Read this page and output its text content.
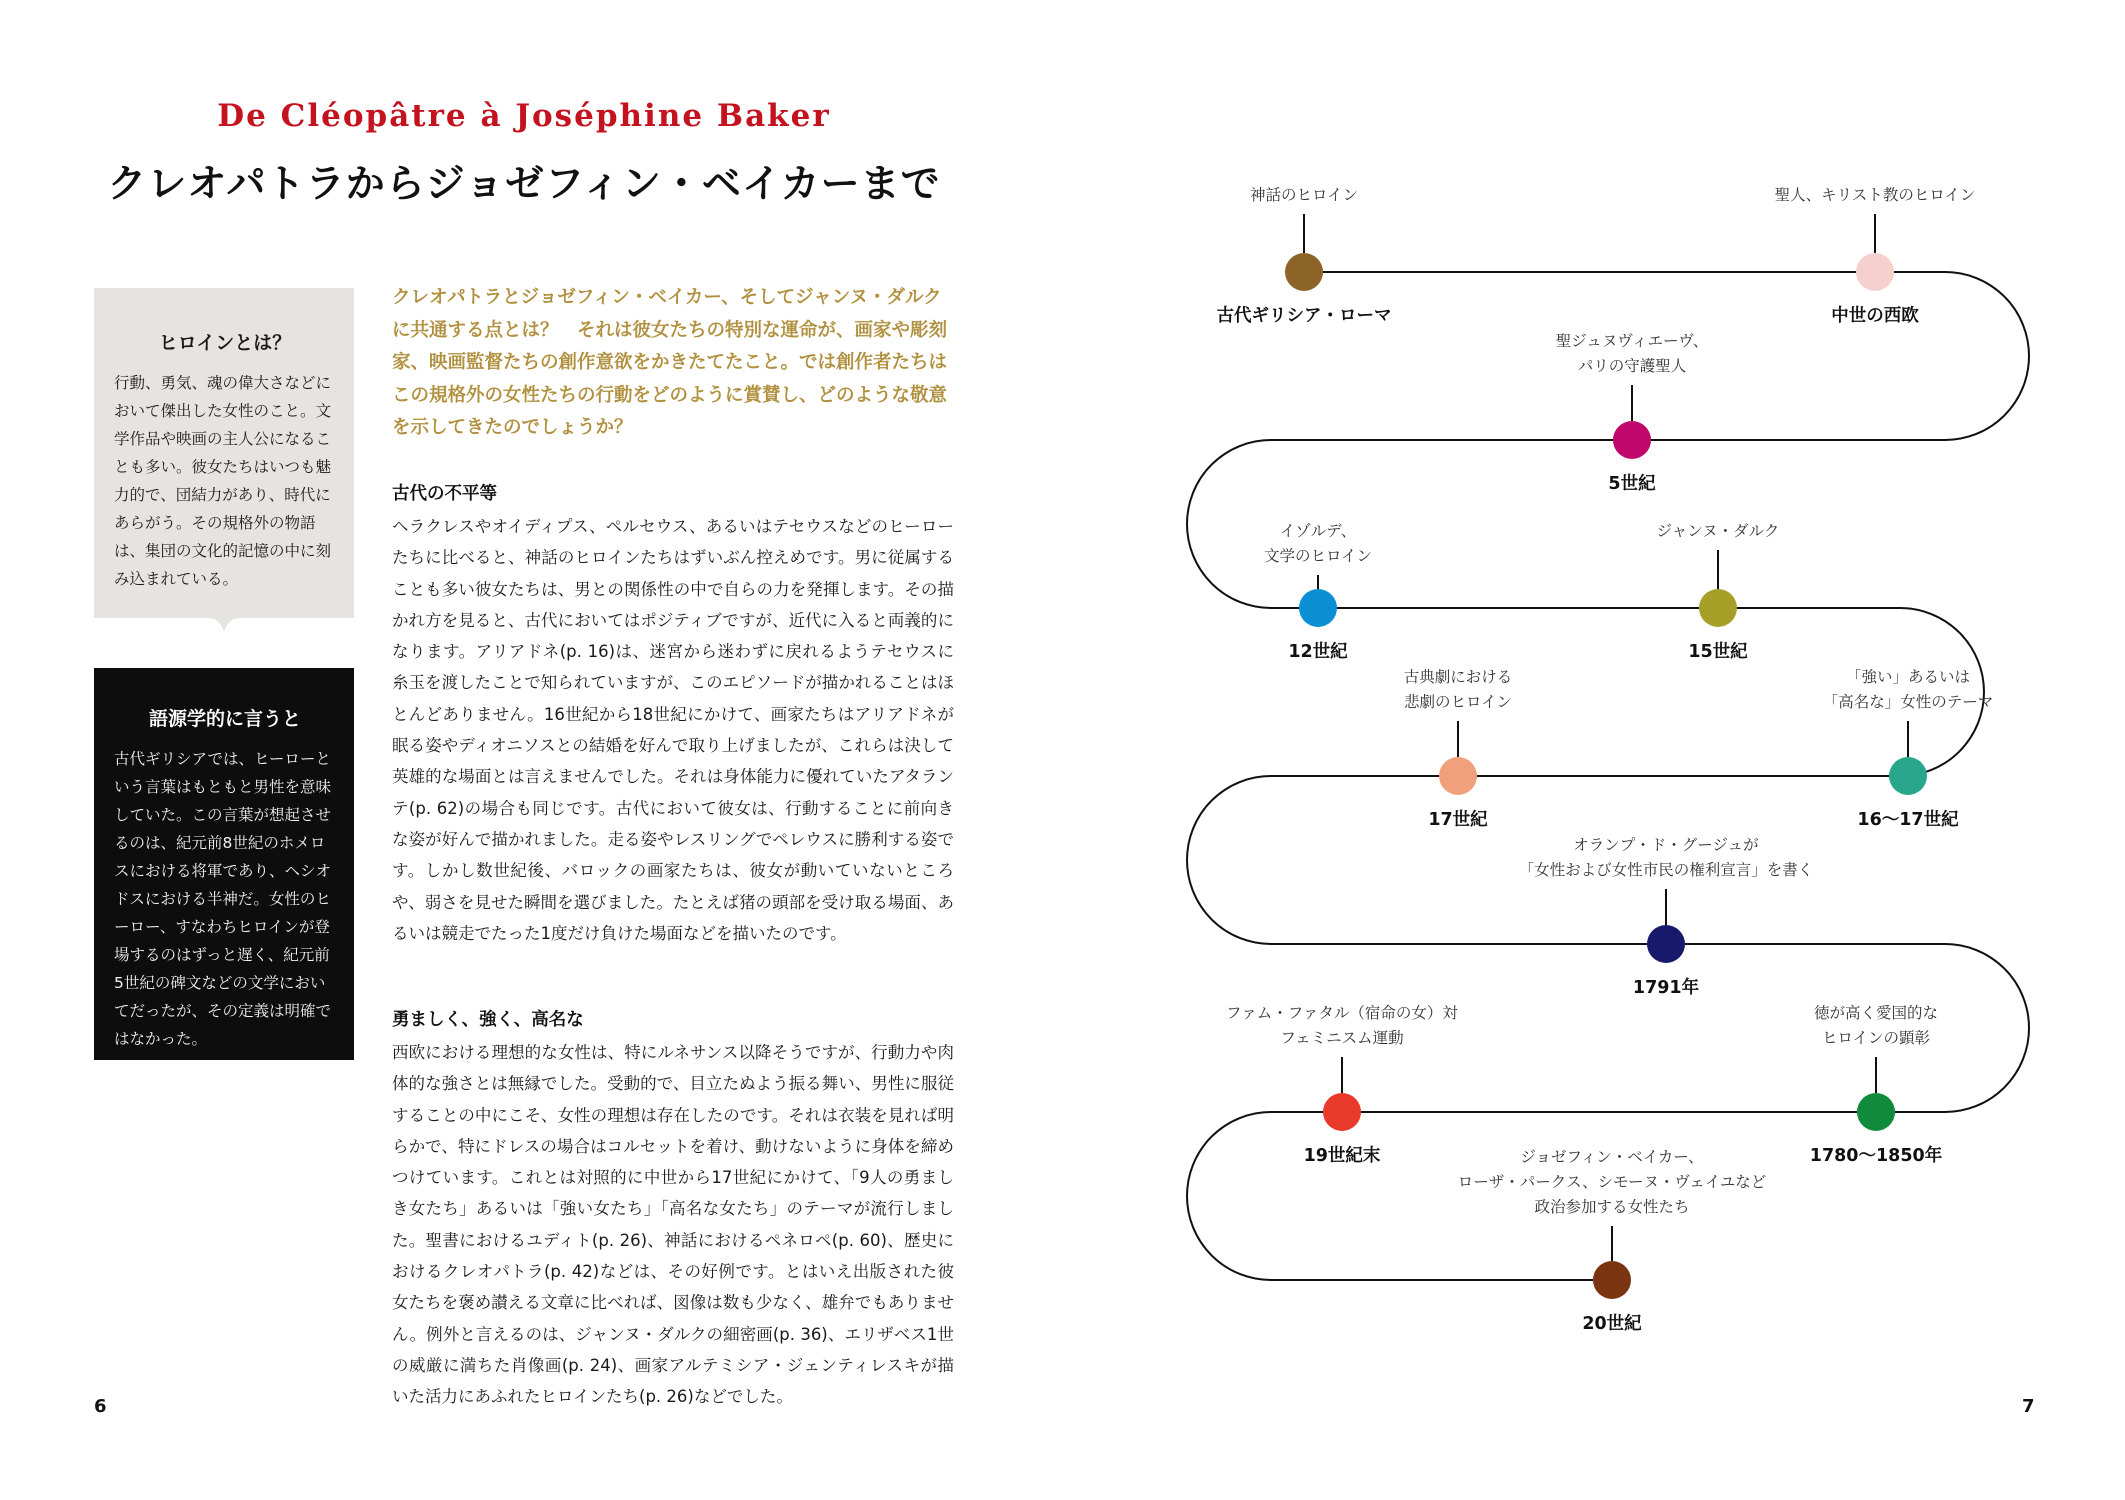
De Cléopâtre à Joséphine Baker
クレオパトラからジョゼフィン・ベイカーまで

ヒロインとは？

行動、勇気、魂の偉大さなどにおいて傑出した女性のこと。文学作品や映画の主人公になることも多い。彼女たちはいつも魅力的で、団結力があり、時代にあらがう。その規格外の物語は、集団の文化的記憶の中に刻み込まれている。

語源学的に言うと

古代ギリシアでは、ヒーローという言葉はもともと男性を意味していた。この言葉が想起させるのは、紀元前8世紀のホメロスにおける将軍であり、ヘシオドスにおける半神だ。女性のヒーロー、すなわちヒロインが登場するのはずっと遅く、紀元前5世紀の碑文などの文学においてだったが、その定義は明確ではなかった。

クレオパトラとジョゼフィン・ベイカー、そしてジャンヌ・ダルクに共通する点とは？　それは彼女たちの特別な運命が、画家や彫刻家、映画監督たちの創作意欲をかきたてたこと。では創作者たちはこの規格外の女性たちの行動をどのように賞賛し、どのような敬意を示してきたのでしょうか？

古代の不平等

ヘラクレスやオイディプス、ペルセウス、あるいはテセウスなどのヒーローたちに比べると、神話のヒロインたちはずいぶん控えめです。男に従属することも多い彼女たちは、男との関係性の中で自らの力を発揮します。その描かれ方を見ると、古代においてはポジティブですが、近代に入ると両義的になります。アリアドネ(p. 16)は、迷宮から迷わずに戻れるようテセウスに糸玉を渡したことで知られていますが、このエピソードが描かれることはほとんどありません。16世紀から18世紀にかけて、画家たちはアリアドネが眠る姿やディオニソスとの結婚を好んで取り上げましたが、これらは決して英雄的な場面とは言えませんでした。それは身体能力に優れていたアタランテ(p. 62)の場合も同じです。古代において彼女は、行動することに前向きな姿が好んで描かれました。走る姿やレスリングでペレウスに勝利する姿です。しかし数世紀後、バロックの画家たちは、彼女が動いていないところや、弱さを見せた瞬間を選びました。たとえば猪の頭部を受け取る場面、あるいは競走でたった1度だけ負けた場面などを描いたのです。

勇ましく、強く、高名な

西欧における理想的な女性は、特にルネサンス以降そうですが、行動力や肉体的な強さとは無縁でした。受動的で、目立たぬよう振る舞い、男性に服従することの中にこそ、女性の理想は存在したのです。それは衣装を見れば明らかで、特にドレスの場合はコルセットを着け、動けないように身体を締めつけています。これとは対照的に中世から17世紀にかけて、「9人の勇ましき女たち」あるいは「強い女たち」「高名な女たち」のテーマが流行しました。聖書におけるユディト(p. 26)、神話におけるペネロペ(p. 60)、歴史におけるクレオパトラ(p. 42)などは、その好例です。とはいえ出版された彼女たちを褒め讃える文章に比べれば、図像は数も少なく、雄弁でもありません。例外と言えるのは、ジャンヌ・ダルクの細密画(p. 36)、エリザベス1世の威厳に満ちた肖像画(p. 24)、画家アルテミシア・ジェンティレスキが描いた活力にあふれたヒロインたち(p. 26)などでした。

6	7
神話のヒロイン
古代ギリシア・ローマ
聖人、キリスト教のヒロイン
中世の西欧
聖ジュヌヴィエーヴ、
パリの守護聖人
5世紀
イゾルデ、
文学のヒロイン
12世紀
ジャンヌ・ダルク
15世紀
古典劇における
悲劇のヒロイン
17世紀
「強い」あるいは
「高名な」女性のテーマ
16～17世紀
オランプ・ド・グージュが
「女性および女性市民の権利宣言」を書く
1791年
ファム・ファタル（宿命の女）対
フェミニスム運動
19世紀末
徳が高く愛国的な
ヒロインの顕彰
1780～1850年
ジョゼフィン・ベイカー、
ローザ・パークス、シモーヌ・ヴェイユなど
政治参加する女性たち
20世紀
